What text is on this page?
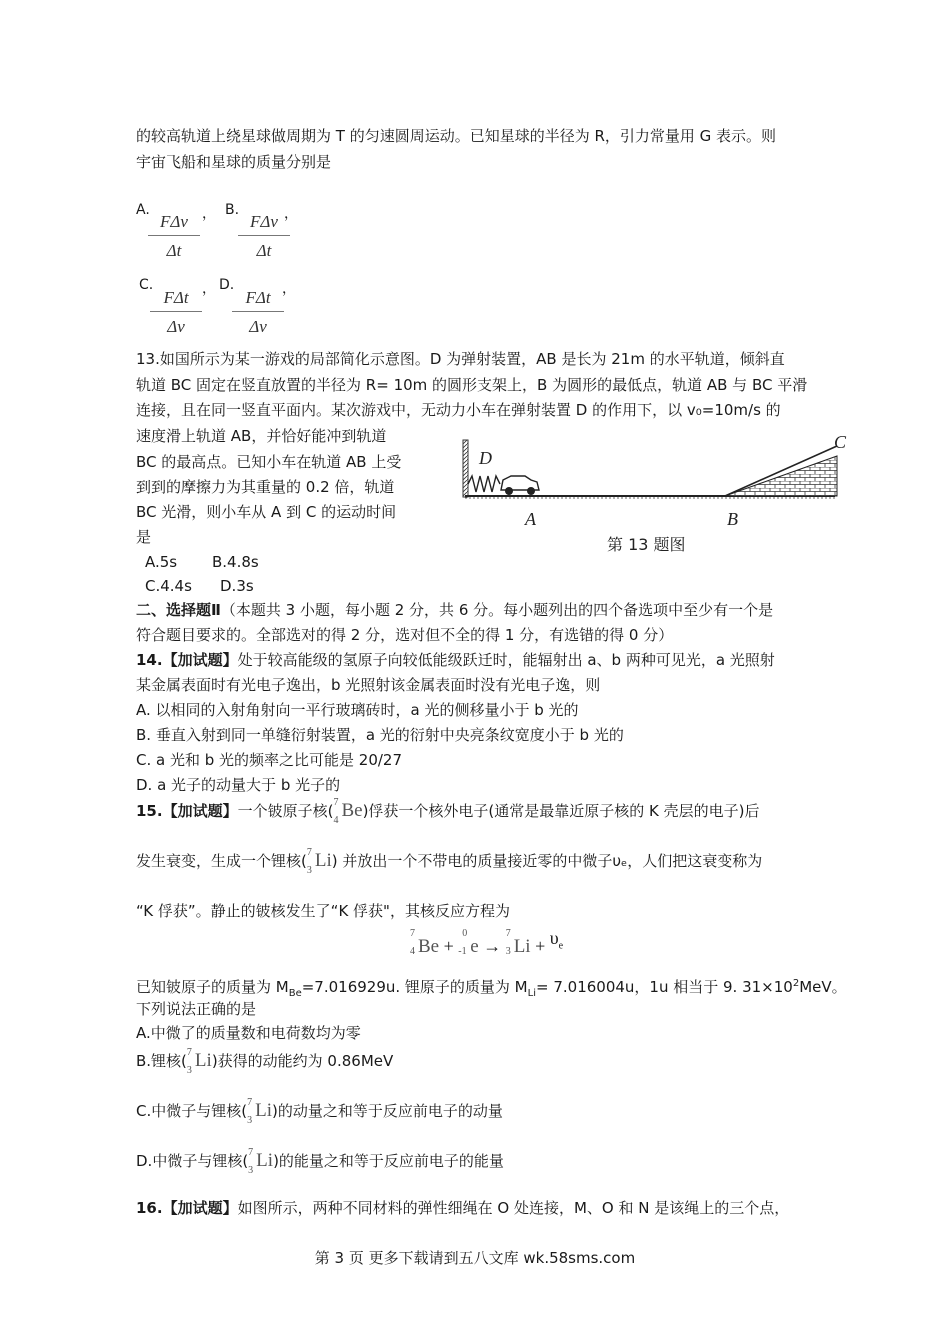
的较高轨道上绕星球做周期为 T 的匀速圆周运动。已知星球的半径为 R，引力常量用 G 表示。则
宇宙飞船和星球的质量分别是
A.
FΔv
Δt
， B.
FΔv
Δt
，
C.
FΔt
Δv
， D.
FΔt
Δv
，
13.如国所示为某一游戏的局部简化示意图。D 为弹射装置，AB 是长为 21m 的水平轨道，倾斜直
轨道 BC 固定在竖直放置的半径为 R= 10m 的圆形支架上，B 为圆形的最低点，轨道 AB 与 BC 平滑
连接，且在同一竖直平面内。某次游戏中，无动力小车在弹射装置 D 的作用下，以 v₀=10m/s 的
速度滑上轨道 AB，并恰好能冲到轨道
BC 的最高点。已知小车在轨道 AB 上受
到到的摩擦力为其重量的 0.2 倍，轨道
BC 光滑，则小车从 A 到 C 的运动时间
是
A.5s B.4.8s
C.4.4s D.3s
D
A	B
C
第 13 题图
二、选择题Ⅱ（本题共 3 小题，每小题 2 分，共 6 分。每小题列出的四个备选项中至少有一个是
符合题目要求的。全部选对的得 2 分，选对但不全的得 1 分，有选错的得 0 分）
14.【加试题】处于较高能级的氢原子向较低能级跃迁时，能辐射出 a、b 两种可见光，a 光照射
某金属表面时有光电子逸出，b 光照射该金属表面时没有光电子逸，则
A. 以相同的入射角射向一平行玻璃砖时，a 光的侧移量小于 b 光的
B. 垂直入射到同一单缝衍射装置，a 光的衍射中央亮条纹宽度小于 b 光的
C. a 光和 b 光的频率之比可能是 20/27
D. a 光子的动量大于 b 光子的
15.【加试题】一个铍原子核( 7
4 Be)俘获一个核外电子(通常是最靠近原子核的 K 壳层的电子)后
发生衰变，生成一个锂核( 7
3 Li) 并放出一个不带电的质量接近零的中微子υₑ，人们把这衰变称为
“K 俘获”。静止的铍核发生了“K 俘获"，其核反应方程为
7
4 Be +
0
-1 e →
7
3 $Li + \upsilon_e$
已知铍原子的质量为 $M_{Be}=7.016929u$. 锂原子的质量为 $M_{Li}= 7.016004u$，1u 相当于 9. $31\times 10^2MeV$。
下列说法正确的是
A.中微了的质量数和电荷数均为零
B.锂核( 7
3 Li)获得的动能约为 0.86MeV
C.中微子与锂核( 7
3 Li)的动量之和等于反应前电子的动量
D.中微子与锂核( 7
3 Li)的能量之和等于反应前电子的能量
16.【加试题】如图所示，两种不同材料的弹性细绳在 O 处连接，M、O 和 N 是该绳上的三个点，
第 3 页 更多下载请到五八文库 wk.58sms.com
